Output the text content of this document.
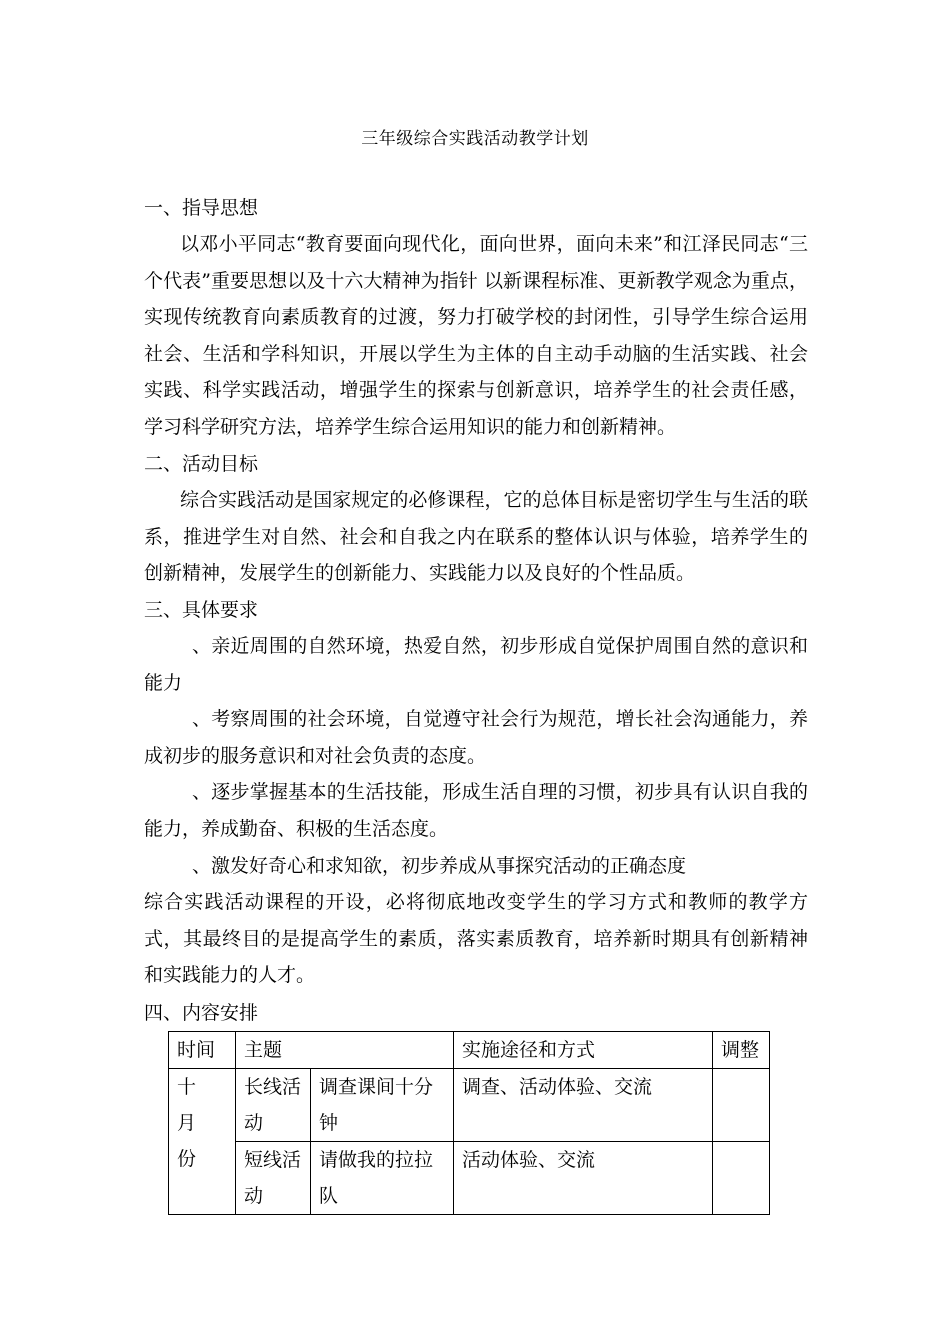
三年级综合实践活动教学计划
一、指导思想

以邓小平同志“教育要面向现代化，面向世界，面向未来”和江泽民同志“三个代表”重要思想以及十六大精神为指针 以新课程标准、更新教学观念为重点，实现传统教育向素质教育的过渡，努力打破学校的封闭性，引导学生综合运用社会、生活和学科知识，开展以学生为主体的自主动手动脑的生活实践、社会实践、科学实践活动，增强学生的探索与创新意识，培养学生的社会责任感，学习科学研究方法，培养学生综合运用知识的能力和创新精神。

二、活动目标

综合实践活动是国家规定的必修课程，它的总体目标是密切学生与生活的联系，推进学生对自然、社会和自我之内在联系的整体认识与体验，培养学生的创新精神，发展学生的创新能力、实践能力以及良好的个性品质。

三、具体要求

、亲近周围的自然环境，热爱自然，初步形成自觉保护周围自然的意识和能力

、考察周围的社会环境，自觉遵守社会行为规范，增长社会沟通能力，养成初步的服务意识和对社会负责的态度。

、逐步掌握基本的生活技能，形成生活自理的习惯，初步具有认识自我的能力，养成勤奋、积极的生活态度。

、激发好奇心和求知欲，初步养成从事探究活动的正确态度

综合实践活动课程的开设，必将彻底地改变学生的学习方式和教师的教学方式，其最终目的是提高学生的素质，落实素质教育，培养新时期具有创新精神和实践能力的人才。

四、内容安排
时间	主题		实施途径和方式	调整
十
月
份	长线活动	调查课间十分钟	调查、活动体验、交流	
	短线活动	请做我的拉拉队	活动体验、交流	
